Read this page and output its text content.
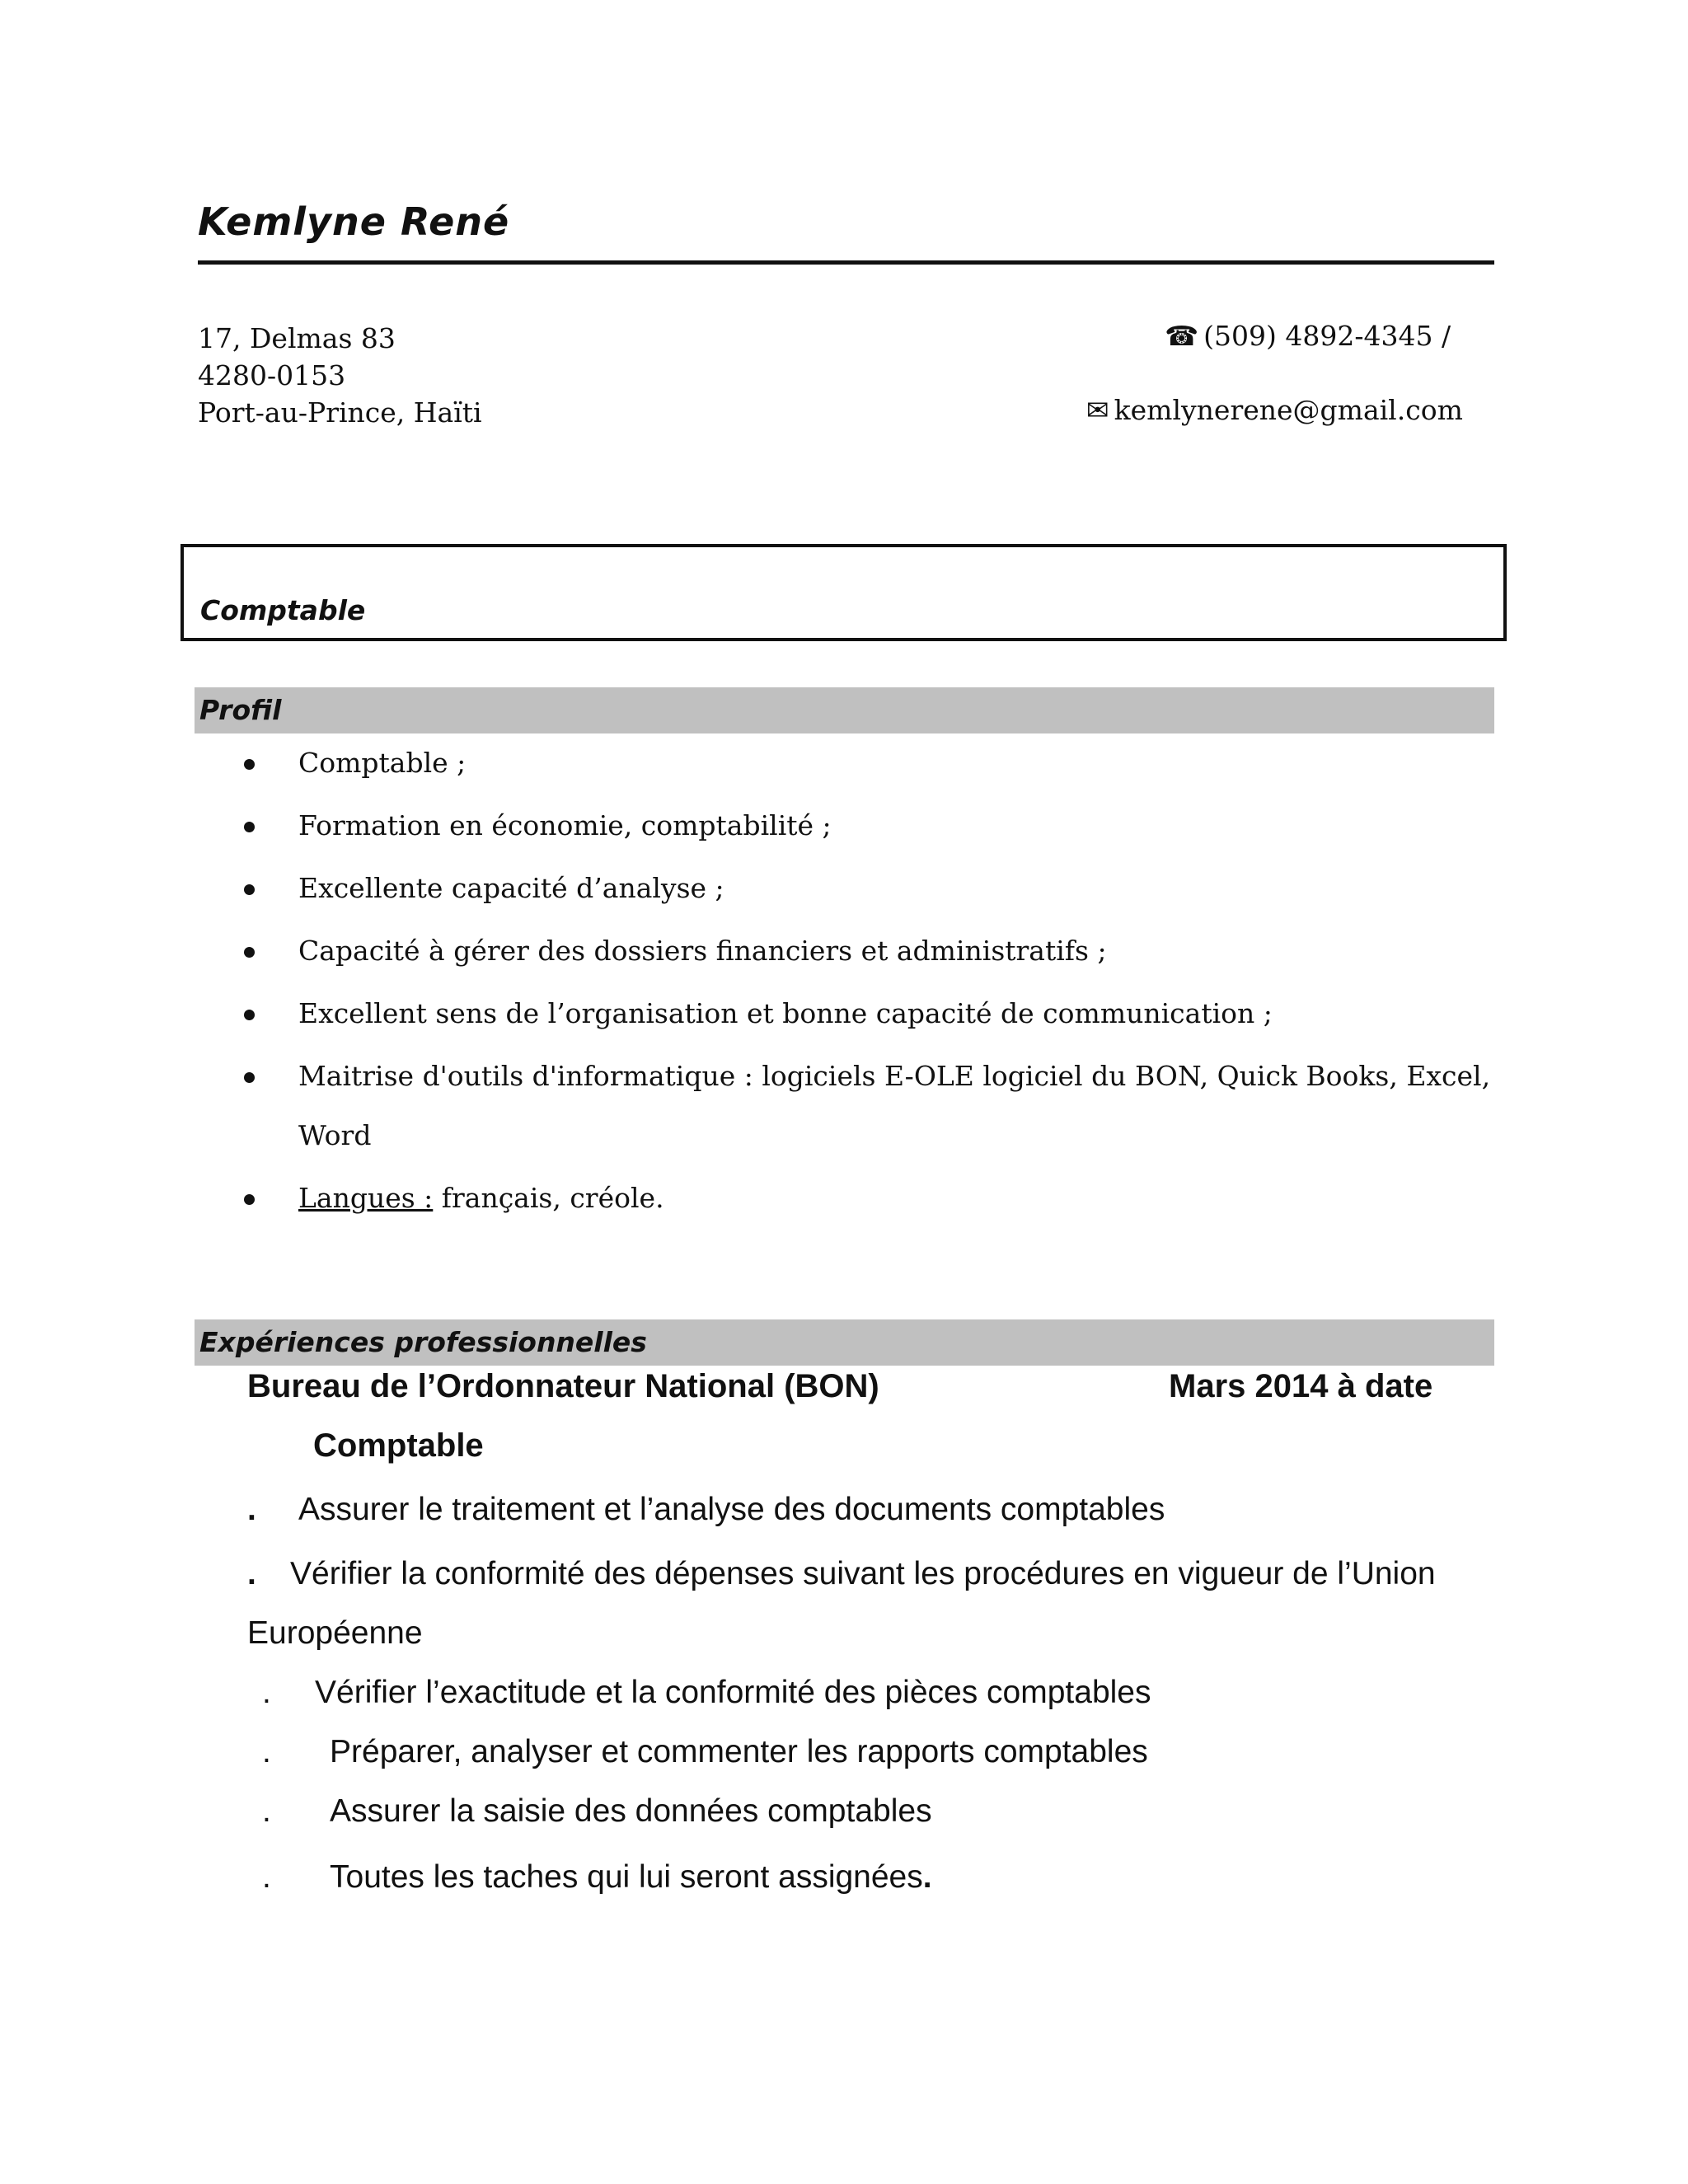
Kemlyne René
17, Delmas 83
4280-0153
Port-au-Prince, Haïti
☎ (509) 4892-4345 /
✉ kemlynerene@gmail.com
Comptable
Profil
Comptable ;
Formation en économie, comptabilité ;
Excellente capacité d’analyse ;
Capacité à gérer des dossiers financiers et administratifs ;
Excellent sens de l’organisation et bonne capacité de communication ;
Maitrise d'outils d'informatique : logiciels E-OLE logiciel du BON, Quick Books, Excel, Word
Langues : français, créole.
Expériences professionnelles
Bureau de l’Ordonnateur National (BON)	Mars 2014 à date
Comptable
. Assurer le traitement et l’analyse des documents comptables
. Vérifier la conformité des dépenses suivant les procédures en vigueur de l’Union
Européenne
. Vérifier l’exactitude et la conformité des pièces comptables
. Préparer, analyser et commenter les rapports comptables
. Assurer la saisie des données comptables
. Toutes les taches qui lui seront assignées.
